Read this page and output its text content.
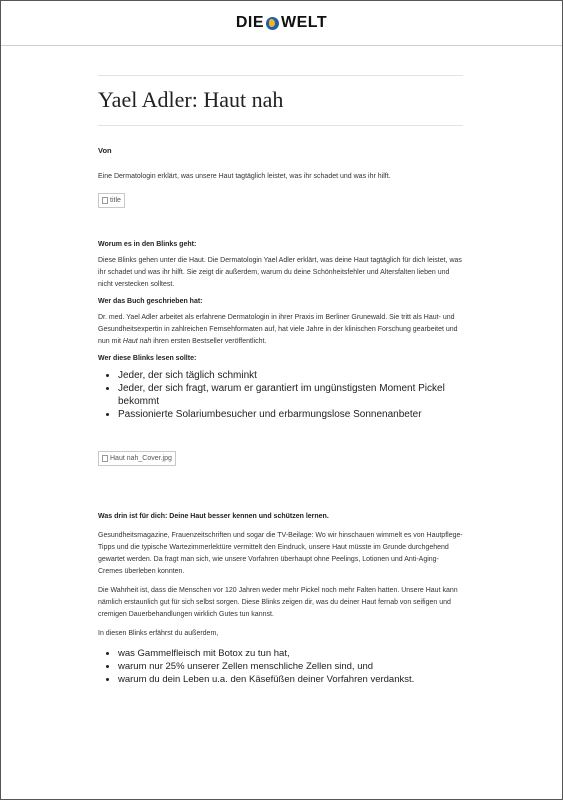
DIE WELT
Yael Adler: Haut nah
Von

Eine Dermatologin erklärt, was unsere Haut tagtäglich leistet, was ihr schadet und was ihr hilft.

title
Worum es in den Blinks geht:

Diese Blinks gehen unter die Haut. Die Dermatologin Yael Adler erklärt, was deine Haut tagtäglich für dich leistet, was ihr schadet und was ihr hilft. Sie zeigt dir außerdem, warum du deine Schönheitsfehler und Altersfalten lieben und nicht verstecken solltest.

Wer das Buch geschrieben hat:

Dr. med. Yael Adler arbeitet als erfahrene Dermatologin in ihrer Praxis im Berliner Grunewald. Sie tritt als Haut- und Gesundheitsexpertin in zahlreichen Fernsehformaten auf, hat viele Jahre in der klinischen Forschung gearbeitet und nun mit Haut nah ihren ersten Bestseller veröffentlicht.

Wer diese Blinks lesen sollte:
• Jeder, der sich täglich schminkt
• Jeder, der sich fragt, warum er garantiert im ungünstigsten Moment Pickel bekommt
• Passionierte Solariumbesucher und erbarmungslose Sonnenanbeter
Haut nah_Cover.jpg
Was drin ist für dich: Deine Haut besser kennen und schützen lernen.

Gesundheitsmagazine, Frauenzeitschriften und sogar die TV-Beilage: Wo wir hinschauen wimmelt es von Hautpflege-Tipps und die typische Wartezimmerlektüre vermittelt den Eindruck, unsere Haut müsste im Grunde durchgehend gewartet werden. Da fragt man sich, wie unsere Vorfahren überhaupt ohne Peelings, Lotionen und Anti-Aging-Cremes überleben konnten.

Die Wahrheit ist, dass die Menschen vor 120 Jahren weder mehr Pickel noch mehr Falten hatten. Unsere Haut kann nämlich erstaunlich gut für sich selbst sorgen. Diese Blinks zeigen dir, was du deiner Haut fernab von seifigen und cremigen Dauerbehandlungen wirklich Gutes tun kannst.

In diesen Blinks erfährst du außerdem,

• was Gammelfleisch mit Botox zu tun hat,
• warum nur 25% unserer Zellen menschliche Zellen sind, und
• warum du dein Leben u.a. den Käsefüßen deiner Vorfahren verdankst.
